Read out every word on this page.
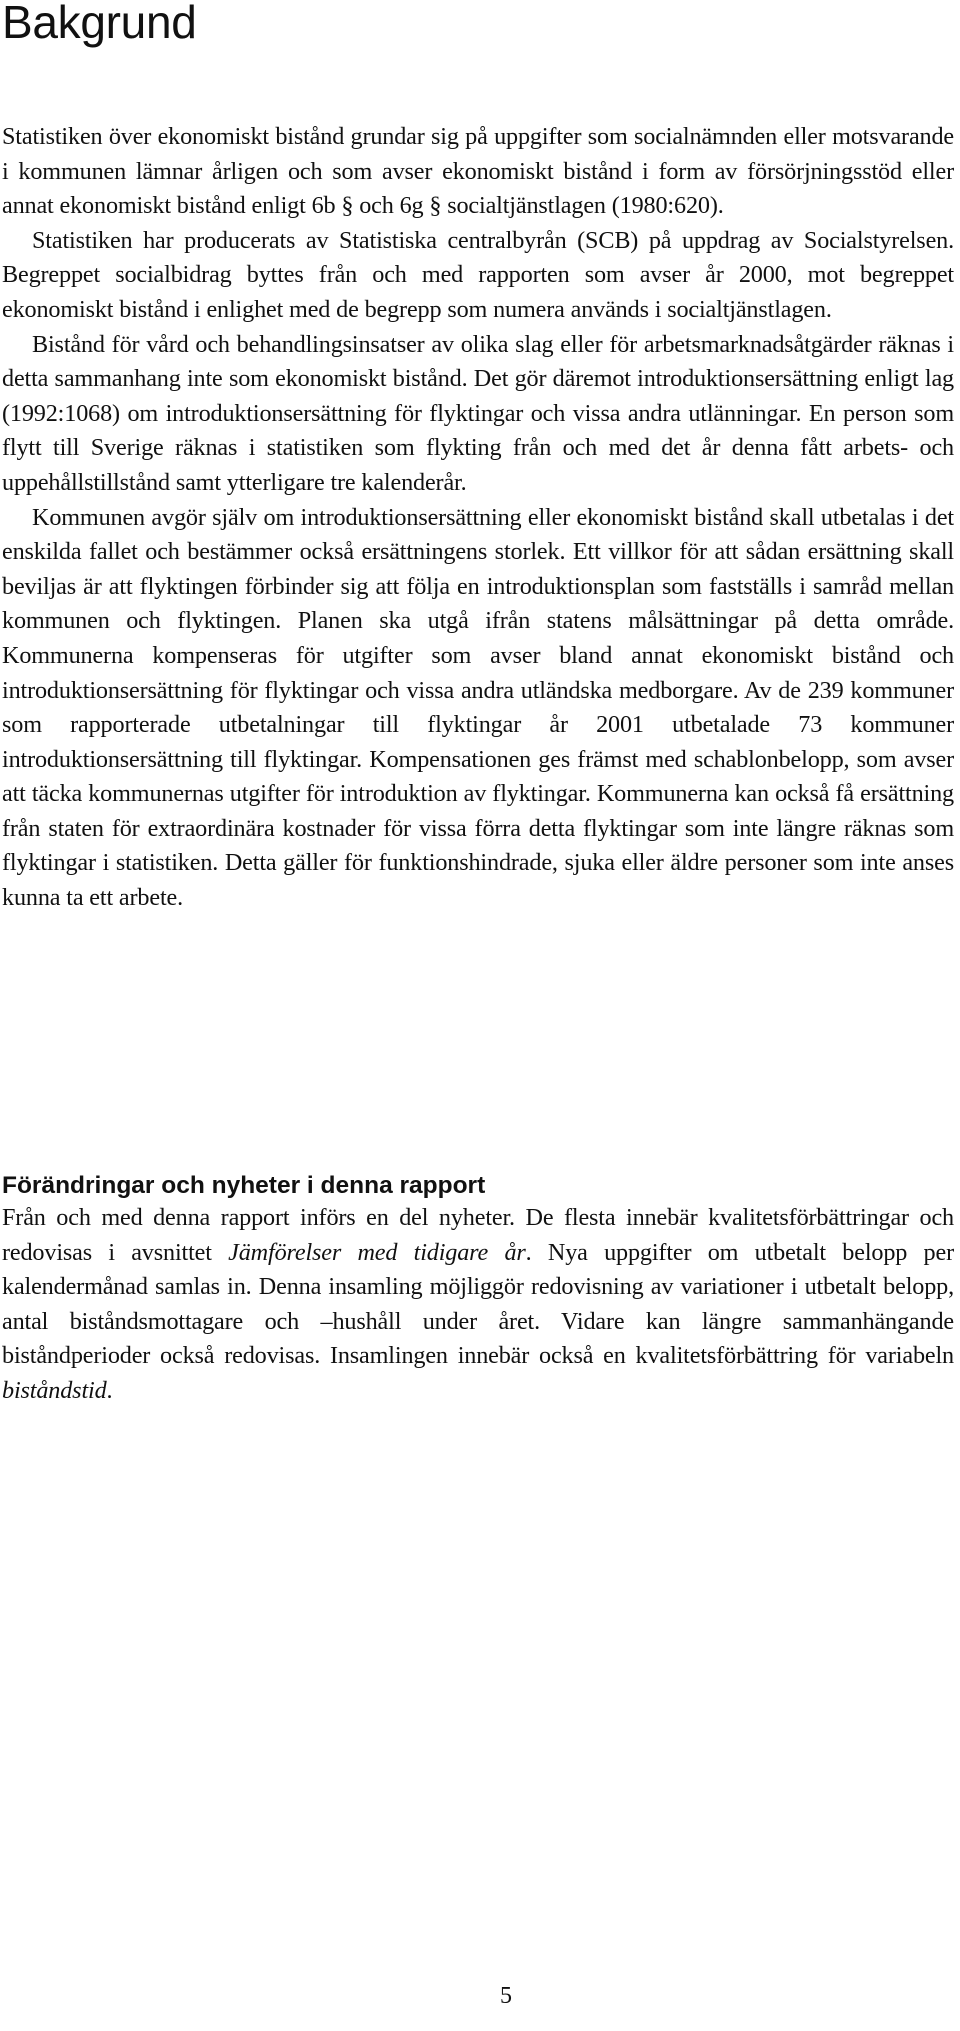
Bakgrund

Statistiken över ekonomiskt bistånd grundar sig på uppgifter som socialnämnden eller motsvarande i kommunen lämnar årligen och som avser ekonomiskt bistånd i form av försörjningsstöd eller annat ekonomiskt bistånd enligt 6b § och 6g § socialtjänstlagen (1980:620).

Statistiken har producerats av Statistiska centralbyrån (SCB) på uppdrag av Socialstyrelsen. Begreppet socialbidrag byttes från och med rapporten som avser år 2000, mot begreppet ekonomiskt bistånd i enlighet med de begrepp som numera används i socialtjänstlagen.

Bistånd för vård och behandlingsinsatser av olika slag eller för arbetsmarknadsåtgärder räknas i detta sammanhang inte som ekonomiskt bistånd. Det gör däremot introduktionsersättning enligt lag (1992:1068) om introduktionsersättning för flyktingar och vissa andra utlänningar. En person som flytt till Sverige räknas i statistiken som flykting från och med det år denna fått arbets- och uppehållstillstånd samt ytterligare tre kalenderår.

Kommunen avgör själv om introduktionsersättning eller ekonomiskt bistånd skall utbetalas i det enskilda fallet och bestämmer också ersättningens storlek. Ett villkor för att sådan ersättning skall beviljas är att flyktingen förbinder sig att följa en introduktionsplan som fastställs i samråd mellan kommunen och flyktingen. Planen ska utgå ifrån statens målsättningar på detta område. Kommunerna kompenseras för utgifter som avser bland annat ekonomiskt bistånd och introduktionsersättning för flyktingar och vissa andra utländska medborgare. Av de 239 kommuner som rapporterade utbetalningar till flyktingar år 2001 utbetalade 73 kommuner introduktionsersättning till flyktingar. Kompensationen ges främst med schablonbelopp, som avser att täcka kommunernas utgifter för introduktion av flyktingar. Kommunerna kan också få ersättning från staten för extraordinära kostnader för vissa förra detta flyktingar som inte längre räknas som flyktingar i statistiken. Detta gäller för funktionshindrade, sjuka eller äldre personer som inte anses kunna ta ett arbete.

Förändringar och nyheter i denna rapport

Från och med denna rapport införs en del nyheter. De flesta innebär kvalitetsförbättringar och redovisas i avsnittet Jämförelser med tidigare år. Nya uppgifter om utbetalt belopp per kalendermånad samlas in. Denna insamling möjliggör redovisning av variationer i utbetalt belopp, antal biståndsmottagare och –hushåll under året. Vidare kan längre sammanhängande biståndperioder också redovisas. Insamlingen innebär också en kvalitetsförbättring för variabeln biståndstid.

5
